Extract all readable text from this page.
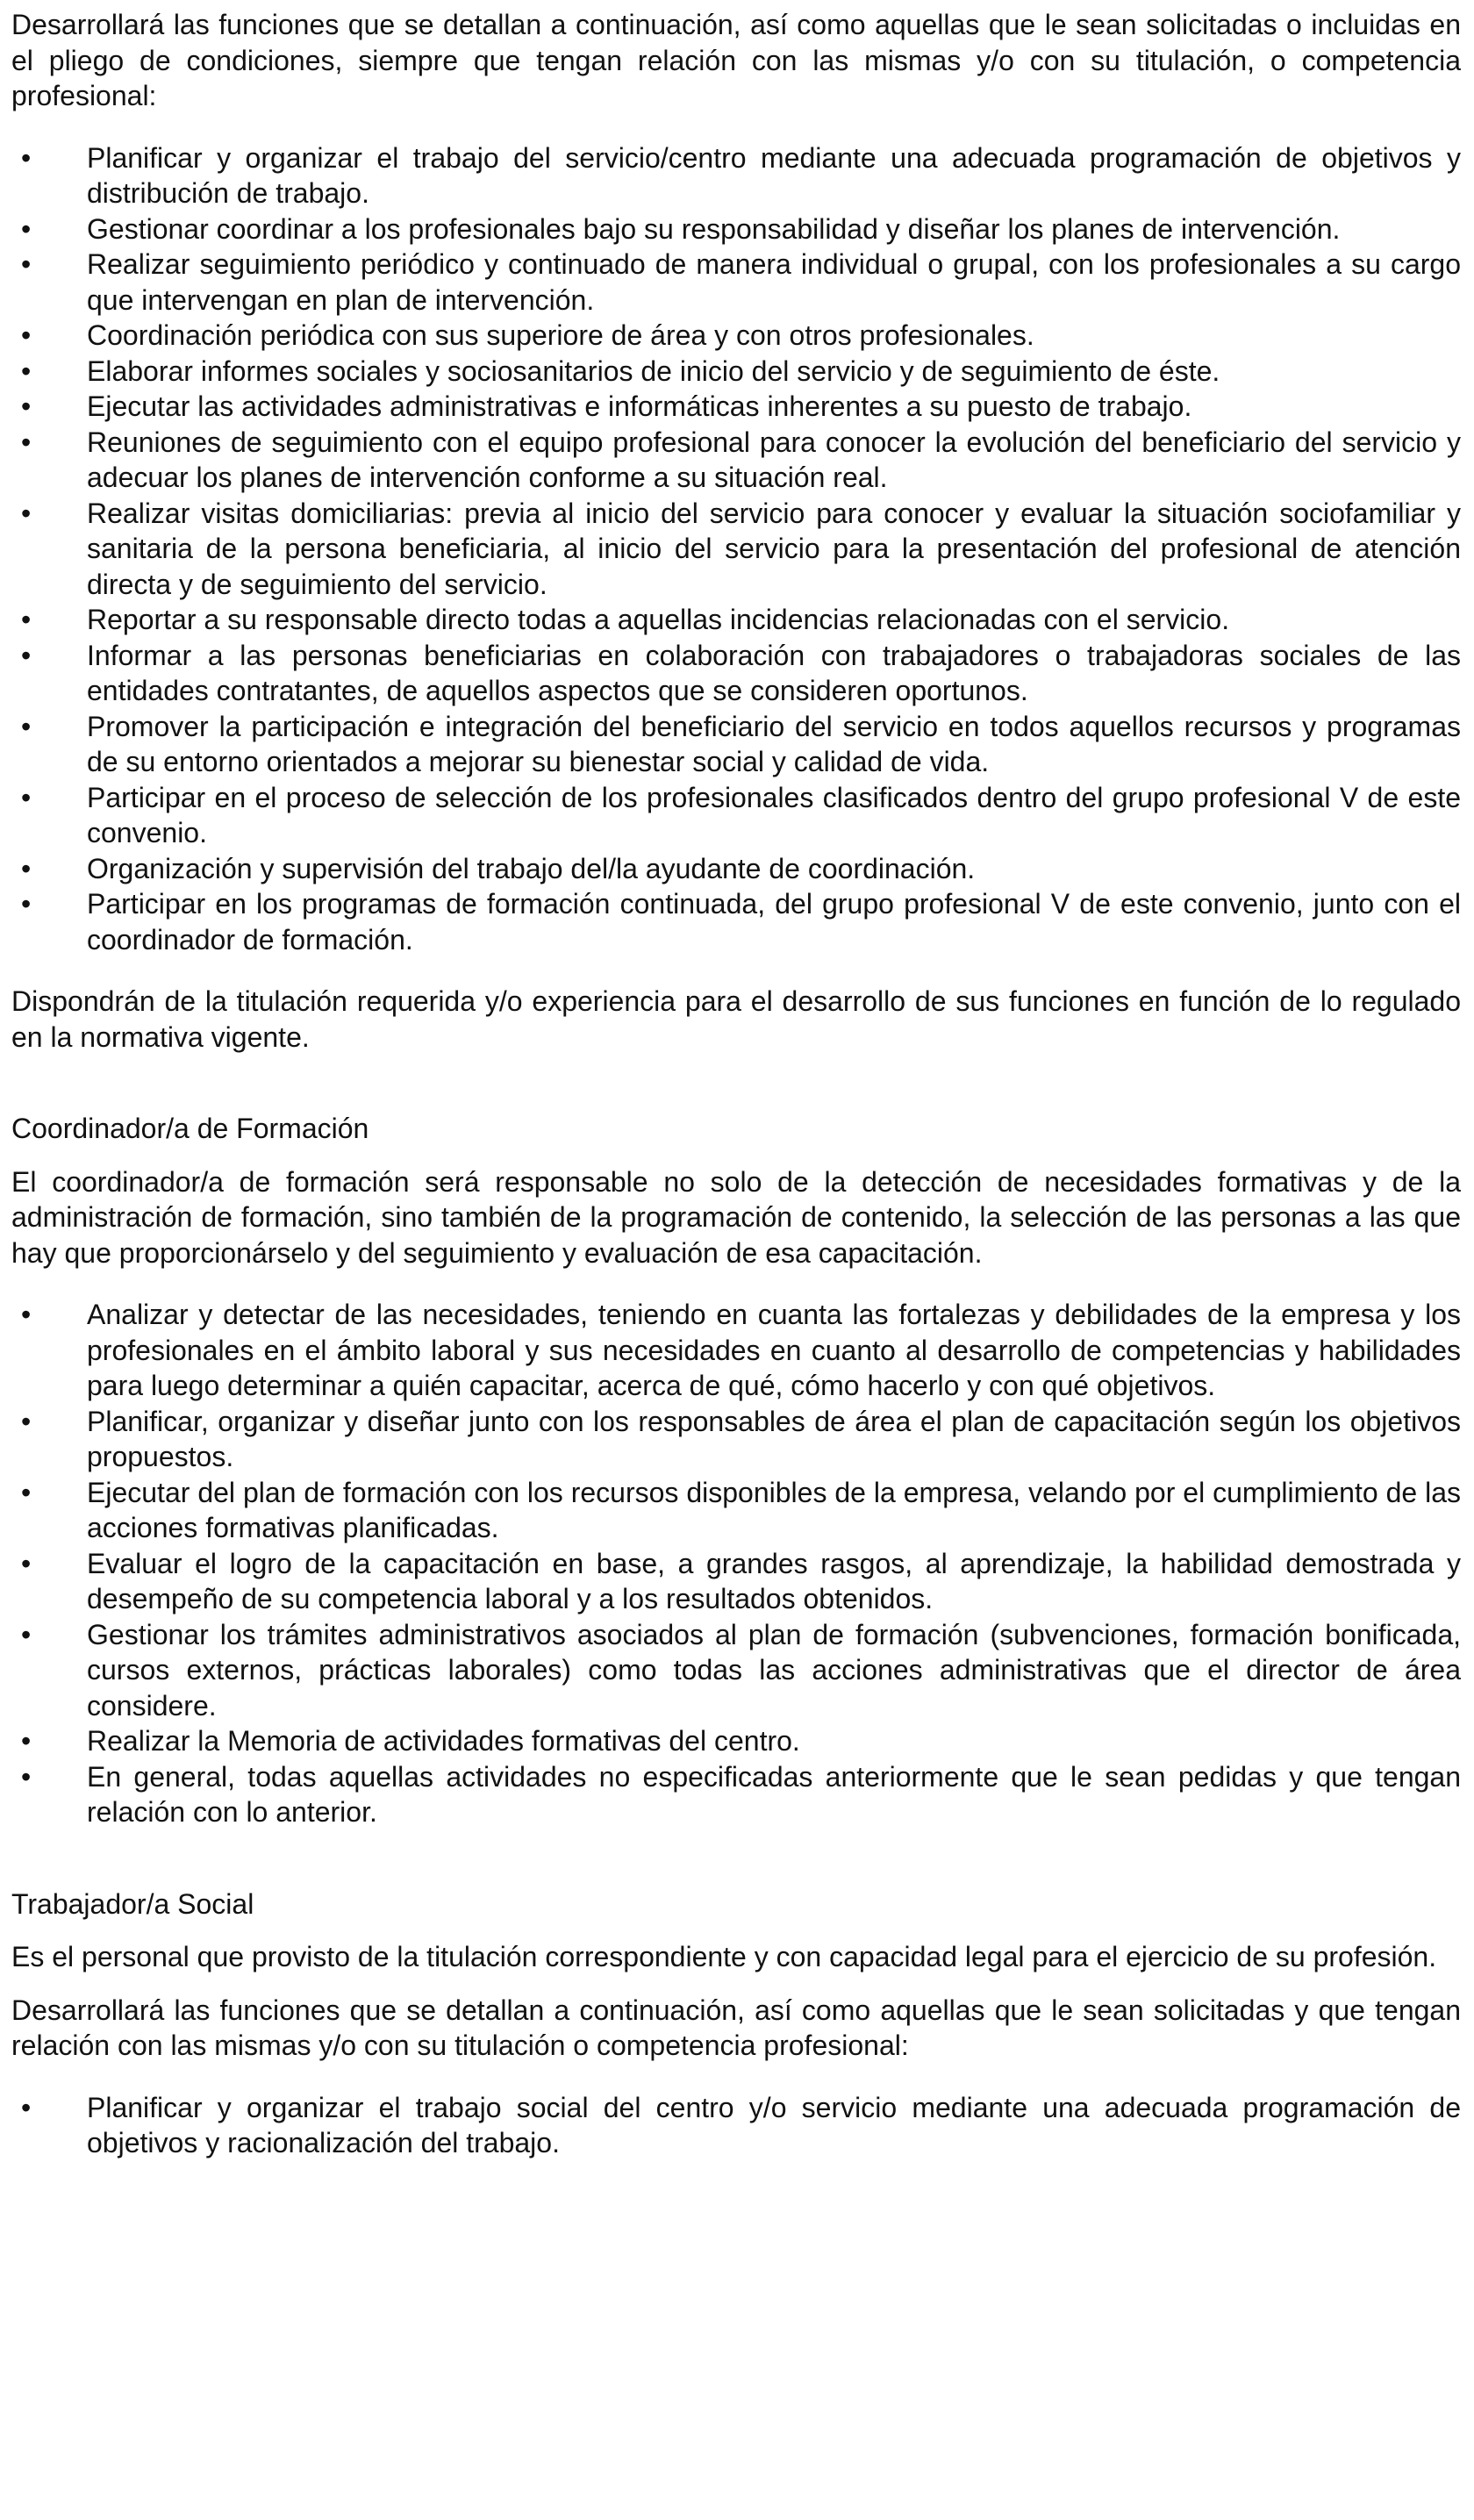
Desarrollará las funciones que se detallan a continuación, así como aquellas que le sean solicitadas o incluidas en el pliego de condiciones, siempre que tengan relación con las mismas y/o con su titulación, o competencia profesional:

• Planificar y organizar el trabajo del servicio/centro mediante una adecuada programación de objetivos y distribución de trabajo.
• Gestionar coordinar a los profesionales bajo su responsabilidad y diseñar los planes de intervención.
• Realizar seguimiento periódico y continuado de manera individual o grupal, con los profesionales a su cargo que intervengan en plan de intervención.
• Coordinación periódica con sus superiore de área y con otros profesionales.
• Elaborar informes sociales y sociosanitarios de inicio del servicio y de seguimiento de éste.
• Ejecutar las actividades administrativas e informáticas inherentes a su puesto de trabajo.
• Reuniones de seguimiento con el equipo profesional para conocer la evolución del beneficiario del servicio y adecuar los planes de intervención conforme a su situación real.
• Realizar visitas domiciliarias: previa al inicio del servicio para conocer y evaluar la situación sociofamiliar y sanitaria de la persona beneficiaria, al inicio del servicio para la presentación del profesional de atención directa y de seguimiento del servicio.
• Reportar a su responsable directo todas a aquellas incidencias relacionadas con el servicio.
• Informar a las personas beneficiarias en colaboración con trabajadores o trabajadoras sociales de las entidades contratantes, de aquellos aspectos que se consideren oportunos.
• Promover la participación e integración del beneficiario del servicio en todos aquellos recursos y programas de su entorno orientados a mejorar su bienestar social y calidad de vida.
• Participar en el proceso de selección de los profesionales clasificados dentro del grupo profesional V de este convenio.
• Organización y supervisión del trabajo del/la ayudante de coordinación.
• Participar en los programas de formación continuada, del grupo profesional V de este convenio, junto con el coordinador de formación.

Dispondrán de la titulación requerida y/o experiencia para el desarrollo de sus funciones en función de lo regulado en la normativa vigente.

Coordinador/a de Formación

El coordinador/a de formación será responsable no solo de la detección de necesidades formativas y de la administración de formación, sino también de la programación de contenido, la selección de las personas a las que hay que proporcionárselo y del seguimiento y evaluación de esa capacitación.

• Analizar y detectar de las necesidades, teniendo en cuanta las fortalezas y debilidades de la empresa y los profesionales en el ámbito laboral y sus necesidades en cuanto al desarrollo de competencias y habilidades para luego determinar a quién capacitar, acerca de qué, cómo hacerlo y con qué objetivos.
• Planificar, organizar y diseñar junto con los responsables de área el plan de capacitación según los objetivos propuestos.
• Ejecutar del plan de formación con los recursos disponibles de la empresa, velando por el cumplimiento de las acciones formativas planificadas.
• Evaluar el logro de la capacitación en base, a grandes rasgos, al aprendizaje, la habilidad demostrada y desempeño de su competencia laboral y a los resultados obtenidos.
• Gestionar los trámites administrativos asociados al plan de formación (subvenciones, formación bonificada, cursos externos, prácticas laborales) como todas las acciones administrativas que el director de área considere.
• Realizar la Memoria de actividades formativas del centro.
• En general, todas aquellas actividades no especificadas anteriormente que le sean pedidas y que tengan relación con lo anterior.
Trabajador/a Social

Es el personal que provisto de la titulación correspondiente y con capacidad legal para el ejercicio de su profesión.

Desarrollará las funciones que se detallan a continuación, así como aquellas que le sean solicitadas y que tengan relación con las mismas y/o con su titulación o competencia profesional:

• Planificar y organizar el trabajo social del centro y/o servicio mediante una adecuada programación de objetivos y racionalización del trabajo.
